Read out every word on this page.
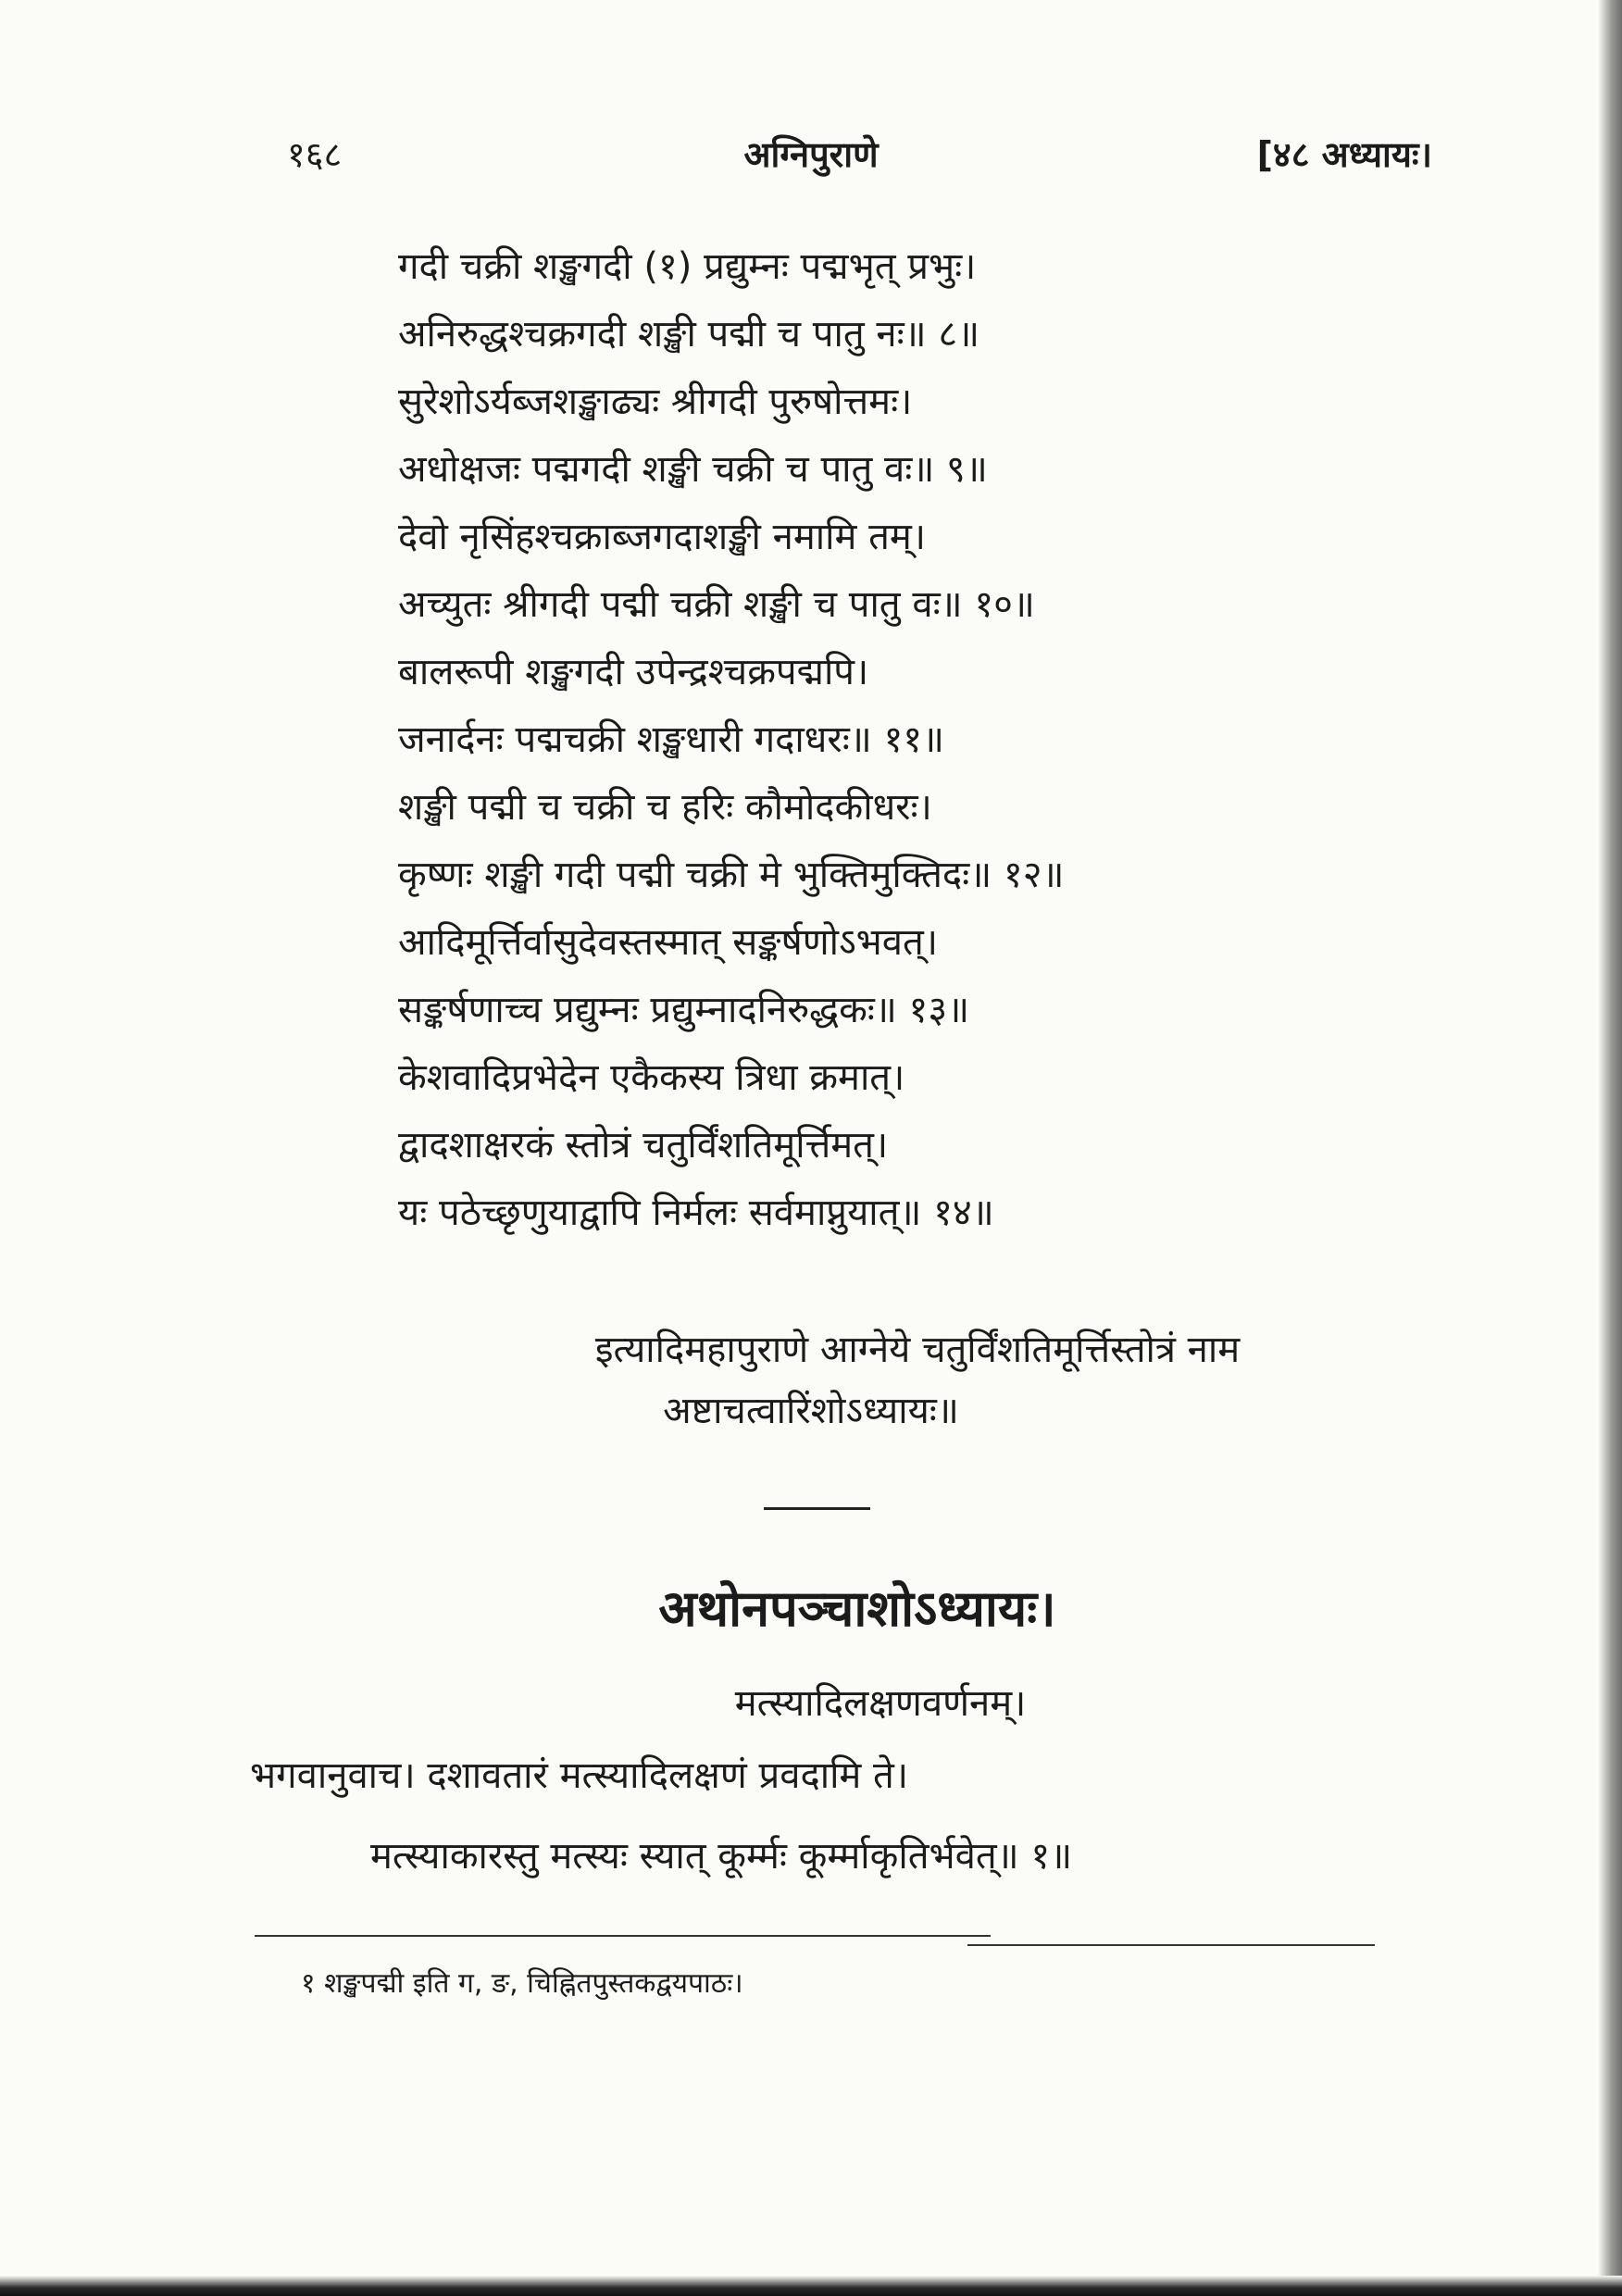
१६८	अग्निपुराणे	[४८ अध्यायः।
गदी चक्री शङ्खगदी (१) प्रद्युम्नः पद्मभृत् प्रभुः।
अनिरुद्धश्चक्रगदी शङ्खी पद्मी च पातु नः॥ ८॥
सुरेशोऽर्यब्जशङ्खाढ्यः श्रीगदी पुरुषोत्तमः।
अधोक्षजः पद्मगदी शङ्खी चक्री च पातु वः॥ ९॥
देवो नृसिंहश्चक्राब्जगदाशङ्खी नमामि तम्।
अच्युतः श्रीगदी पद्मी चक्री शङ्खी च पातु वः॥ १०॥
बालरूपी शङ्खगदी उपेन्द्रश्चक्रपद्मपि।
जनार्दनः पद्मचक्री शङ्खधारी गदाधरः॥ ११॥
शङ्खी पद्मी च चक्री च हरिः कौमोदकीधरः।
कृष्णः शङ्खी गदी पद्मी चक्री मे भुक्तिमुक्तिदः॥ १२॥
आदिमूर्त्तिर्वासुदेवस्तस्मात् सङ्कर्षणोऽभवत्।
सङ्कर्षणाच्च प्रद्युम्नः प्रद्युम्नादनिरुद्धकः॥ १३॥
केशवादिप्रभेदेन एकैकस्य त्रिधा क्रमात्।
द्वादशाक्षरकं स्तोत्रं चतुर्विंशतिमूर्त्तिमत्।
यः पठेच्छृणुयाद्वापि निर्मलः सर्वमाप्नुयात्॥ १४॥
इत्यादिमहापुराणे आग्नेये चतुर्विंशतिमूर्त्तिस्तोत्रं नाम
अष्टाचत्वारिंशोऽध्यायः॥
अथोनपञ्चाशोऽध्यायः।
मत्स्यादिलक्षणवर्णनम्।
भगवानुवाच। दशावतारं मत्स्यादिलक्षणं प्रवदामि ते।
मत्स्याकारस्तु मत्स्यः स्यात् कूर्म्मः कूर्म्माकृतिर्भवेत्॥ १॥
१ शङ्खपद्मी इति ग, ङ, चिह्नितपुस्तकद्वयपाठः।
